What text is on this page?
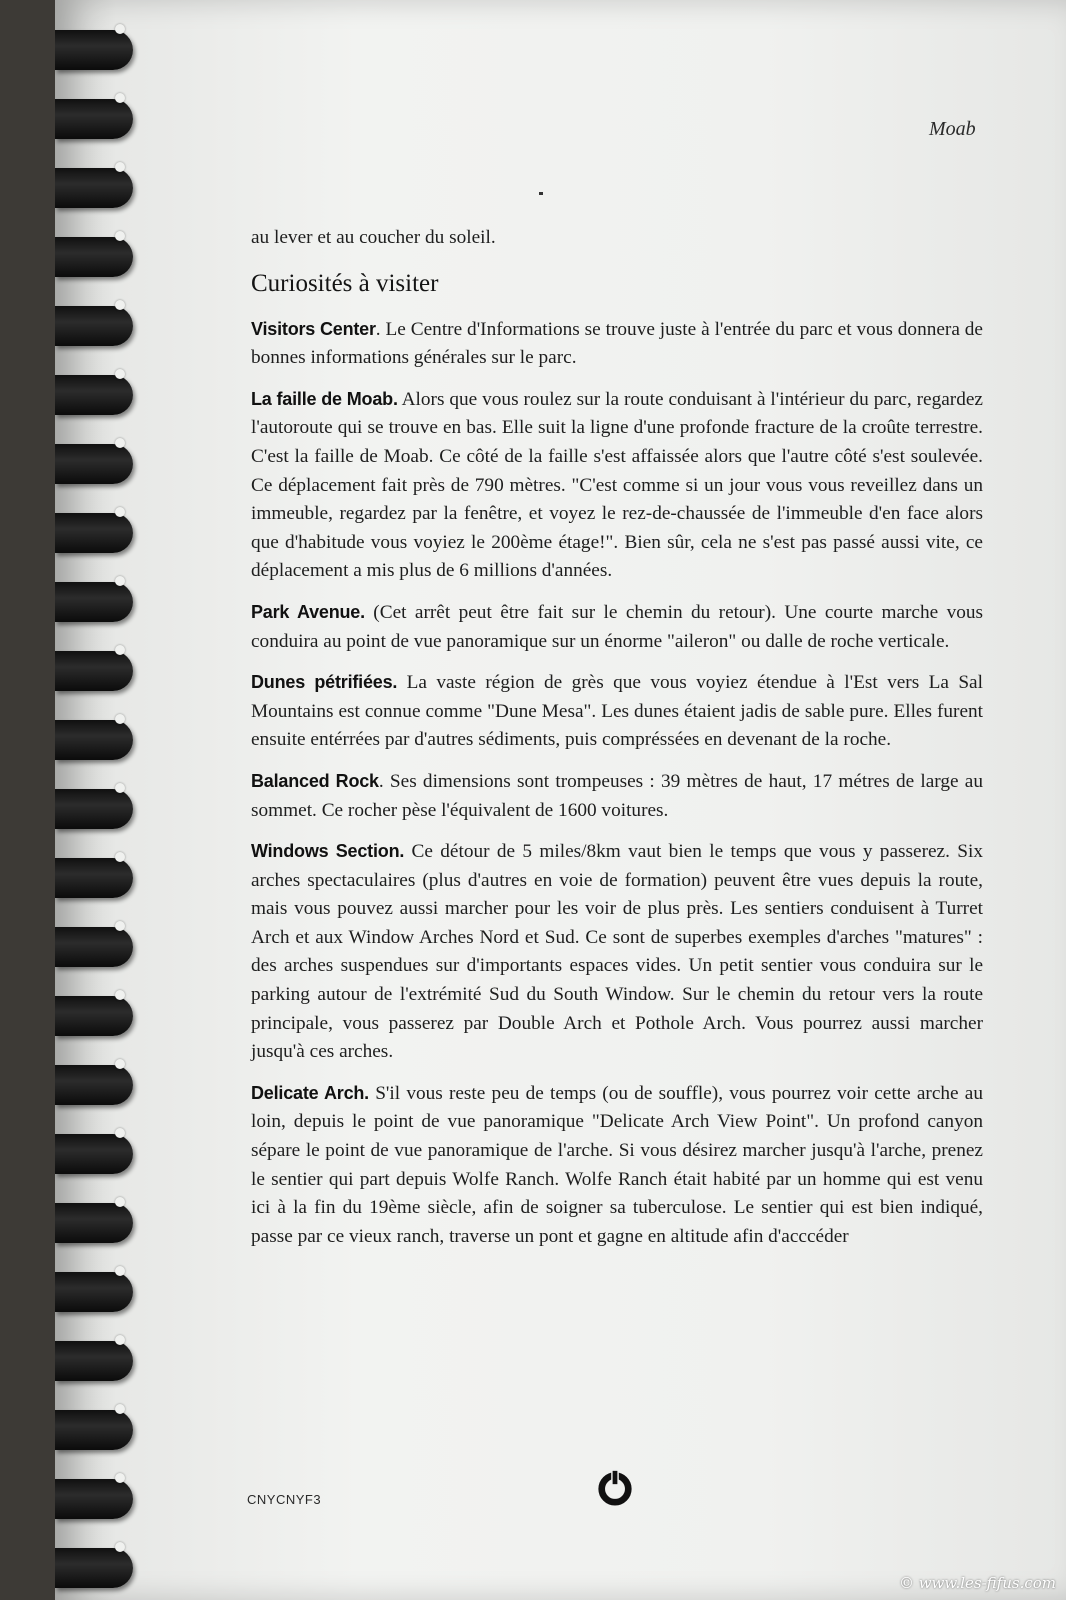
Moab

au lever et au coucher du soleil.

Curiosités à visiter

Visitors Center. Le Centre d'Informations se trouve juste à l'entrée du parc et vous donnera de bonnes informations générales sur le parc.

La faille de Moab. Alors que vous roulez sur la route conduisant à l'intérieur du parc, regardez l'autoroute qui se trouve en bas. Elle suit la ligne d'une profonde fracture de la croûte terrestre. C'est la faille de Moab. Ce côté de la faille s'est affaissée alors que l'autre côté s'est soulevée. Ce déplacement fait près de 790 mètres. "C'est comme si un jour vous vous reveillez dans un immeuble, regardez par la fenêtre, et voyez le rez-de-chaussée de l'immeuble d'en face alors que d'habitude vous voyiez le 200ème étage!". Bien sûr, cela ne s'est pas passé aussi vite, ce déplacement a mis plus de 6 millions d'années.

Park Avenue. (Cet arrêt peut être fait sur le chemin du retour). Une courte marche vous conduira au point de vue panoramique sur un énorme "aileron" ou dalle de roche verticale.

Dunes pétrifiées. La vaste région de grès que vous voyiez étendue à l'Est vers La Sal Mountains est connue comme "Dune Mesa". Les dunes étaient jadis de sable pure. Elles furent ensuite entérrées par d'autres sédiments, puis compréssées en devenant de la roche.

Balanced Rock. Ses dimensions sont trompeuses : 39 mètres de haut, 17 métres de large au sommet. Ce rocher pèse l'équivalent de 1600 voitures.

Windows Section. Ce détour de 5 miles/8km vaut bien le temps que vous y passerez. Six arches spectaculaires (plus d'autres en voie de formation) peuvent être vues depuis la route, mais vous pouvez aussi marcher pour les voir de plus près. Les sentiers conduisent à Turret Arch et aux Window Arches Nord et Sud. Ce sont de superbes exemples d'arches "matures" : des arches suspendues sur d'importants espaces vides. Un petit sentier vous conduira sur le parking autour de l'extrémité Sud du South Window. Sur le chemin du retour vers la route principale, vous passerez par Double Arch et Pothole Arch. Vous pourrez aussi marcher jusqu'à ces arches.

Delicate Arch. S'il vous reste peu de temps (ou de souffle), vous pourrez voir cette arche au loin, depuis le point de vue panoramique "Delicate Arch View Point". Un profond canyon sépare le point de vue panoramique de l'arche. Si vous désirez marcher jusqu'à l'arche, prenez le sentier qui part depuis Wolfe Ranch. Wolfe Ranch était habité par un homme qui est venu ici à la fin du 19ème siècle, afin de soigner sa tuberculose. Le sentier qui est bien indiqué, passe par ce vieux ranch, traverse un pont et gagne en altitude afin d'acccéder

CNYCNYF3
© www.les-fifus.com
